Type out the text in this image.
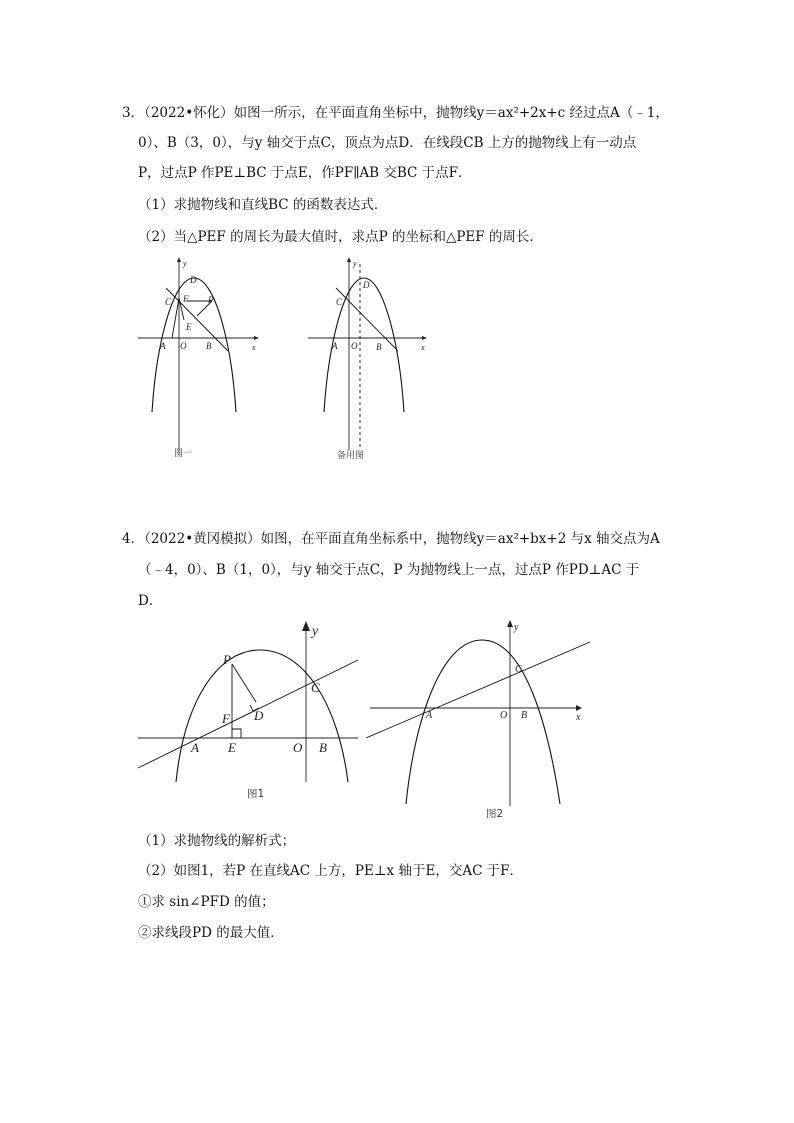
3．（2022•怀化）如图一所示，在平面直角坐标中，抛物线y＝ax²+2x+c 经过点A（﹣1，
0）、B（3，0），与y 轴交于点C，顶点为点D．在线段CB 上方的抛物线上有一动点
P，过点P 作PE⊥BC 于点E，作PF∥AB 交BC 于点F．
（1）求抛物线和直线BC 的函数表达式．
（2）当△PEF 的周长为最大值时，求点P 的坐标和△PEF 的周长．
y
x
O
A	B
C
D
E
F P
图一
y
x
O
A	B
C
D
备用图
4．（2022•黄冈模拟）如图，在平面直角坐标系中，抛物线y＝ax²+bx+2 与x 轴交点为A
（﹣4，0）、B（1，0），与y 轴交于点C，P 为抛物线上一点，过点P 作PD⊥AC 于
D．
y
P
C
D
F
A E	O B
图1
y
x
C
A	O B
图2
（1）求抛物线的解析式；
（2）如图1，若P 在直线AC 上方，PE⊥x 轴于E，交AC 于F．
①求 sin∠PFD 的值；
②求线段PD 的最大值．
